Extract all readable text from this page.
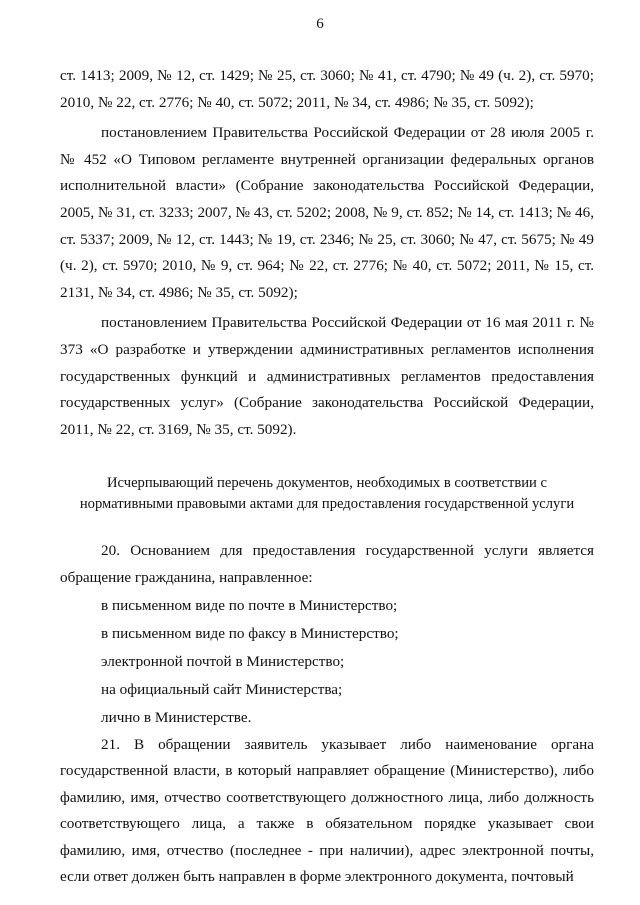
6

ст. 1413; 2009, № 12, ст. 1429; № 25, ст. 3060; № 41, ст. 4790; № 49 (ч. 2), ст. 5970; 2010, № 22, ст. 2776; № 40, ст. 5072; 2011, № 34, ст. 4986; № 35, ст. 5092);

постановлением Правительства Российской Федерации от 28 июля 2005 г. № 452 «О Типовом регламенте внутренней организации федеральных органов исполнительной власти» (Собрание законодательства Российской Федерации, 2005, № 31, ст. 3233; 2007, № 43, ст. 5202; 2008, № 9, ст. 852; № 14, ст. 1413; № 46, ст. 5337; 2009, № 12, ст. 1443; № 19, ст. 2346; № 25, ст. 3060; № 47, ст. 5675; № 49 (ч. 2), ст. 5970; 2010, № 9, ст. 964; № 22, ст. 2776; № 40, ст. 5072; 2011, № 15, ст. 2131, № 34, ст. 4986; № 35, ст. 5092);

постановлением Правительства Российской Федерации от 16 мая 2011 г. № 373 «О разработке и утверждении административных регламентов исполнения государственных функций и административных регламентов предоставления государственных услуг» (Собрание законодательства Российской Федерации, 2011, № 22, ст. 3169, № 35, ст. 5092).

Исчерпывающий перечень документов, необходимых в соответствии с
нормативными правовыми актами для предоставления государственной услуги

20. Основанием для предоставления государственной услуги является обращение гражданина, направленное:

в письменном виде по почте в Министерство;

в письменном виде по факсу в Министерство;

электронной почтой в Министерство;

на официальный сайт Министерства;

лично в Министерстве.

21. В обращении заявитель указывает либо наименование органа государственной власти, в который направляет обращение (Министерство), либо фамилию, имя, отчество соответствующего должностного лица, либо должность соответствующего лица, а также в обязательном порядке указывает свои фамилию, имя, отчество (последнее - при наличии), адрес электронной почты, если ответ должен быть направлен в форме электронного документа, почтовый
